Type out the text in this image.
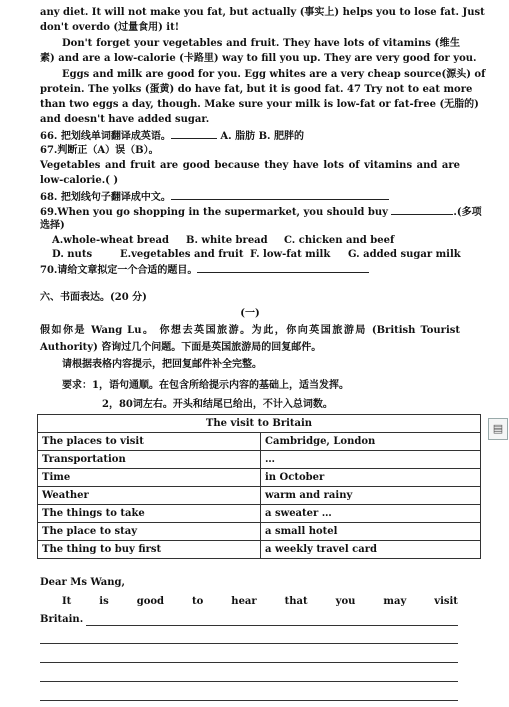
any diet. It will not make you fat, but actually (事实上) helps you to lose fat. Just
don't overdo (过量食用) it!
Don't forget your vegetables and fruit. They have lots of vitamins (维生
素) and are a low-calorie (卡路里) way to fill you up. They are very good for you.
Eggs and milk are good for you. Egg whites are a very cheap source(源头) of
protein. The yolks (蛋黄) do have fat, but it is good fat. 47 Try not to eat more
than two eggs a day, though. Make sure your milk is low-fat or fat-free (无脂的)
and doesn't have added sugar.
66. 把划线单词翻译成英语。	A. 脂肪 B. 肥胖的
67.判断正（A）误（B）。
Vegetables and fruit are good because they have lots of vitamins and are
low-calorie.( )
68. 把划线句子翻译成中文。
69.When you go shopping in the supermarket, you should buy	.(多项
选择)
A.whole-wheat bread B. white bread C. chicken and beef
D. nuts	E.vegetables and fruit F. low-fat milk G. added sugar milk
70.请给文章拟定一个合适的题目。
六、书面表达。(20 分)
(一)
假如你是 Wang Lu。 你想去英国旅游。为此，你向英国旅游局 (British Tourist
Authority) 咨询过几个问题。下面是英国旅游局的回复邮件。
请根据表格内容提示，把回复邮件补全完整。
要求：1，语句通顺。在包含所给提示内容的基础上，适当发挥。
2，80词左右。开头和结尾已给出，不计入总词数。
The visit to Britain	
The places to visit	Cambridge, London
Transportation	…
Time	in October
Weather	warm and rainy
The things to take	a sweater …
The place to stay	a small hotel
The thing to buy first	a weekly travel card
▤
Dear Ms Wang,
It	is	good	to	hear	that	you	may	visit
Britain.
